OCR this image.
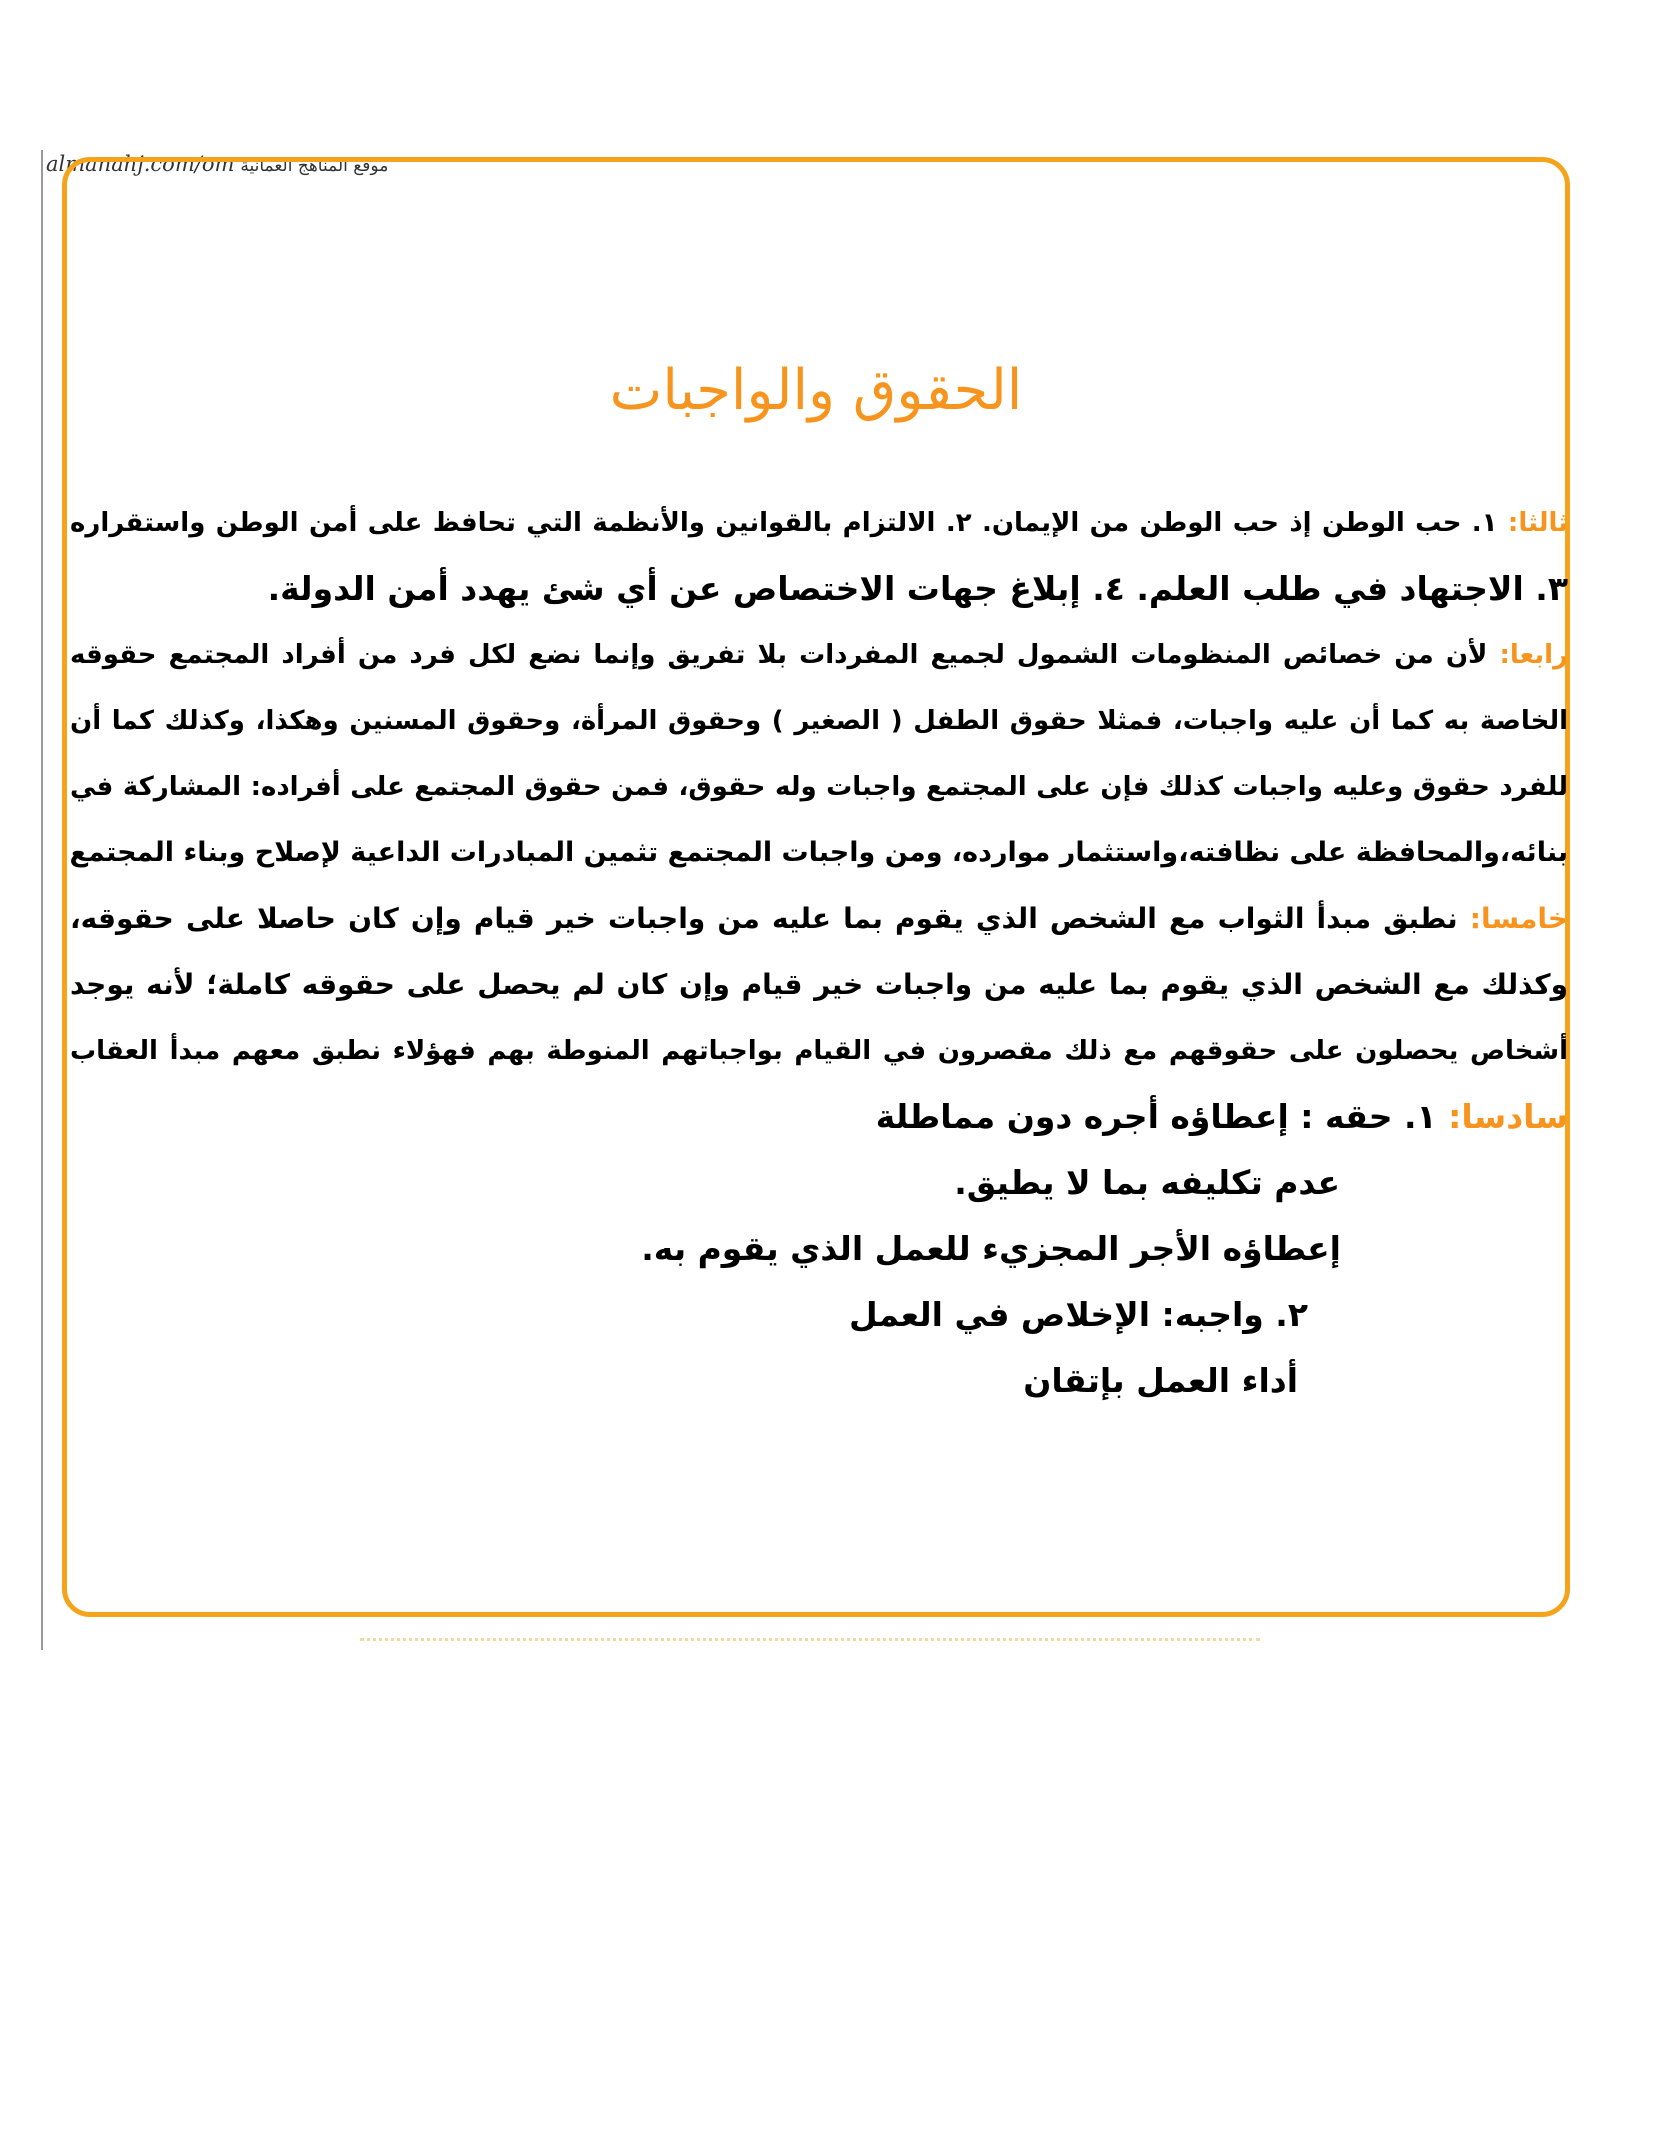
almanahj.com/om موقع المناهج العمانية
الحقوق والواجبات
ثالثا: ١. حب الوطن إذ حب الوطن من الإيمان. ٢. الالتزام بالقوانين والأنظمة التي تحافظ على أمن الوطن واستقراره
٣. الاجتهاد في طلب العلم. ٤. إبلاغ جهات الاختصاص عن أي شئ يهدد أمن الدولة.
رابعا: لأن من خصائص المنظومات الشمول لجميع المفردات بلا تفريق وإنما نضع لكل فرد من أفراد المجتمع حقوقه
الخاصة به كما أن عليه واجبات، فمثلا حقوق الطفل ( الصغير ) وحقوق المرأة، وحقوق المسنين وهكذا، وكذلك كما أن
للفرد حقوق وعليه واجبات كذلك فإن على المجتمع واجبات وله حقوق، فمن حقوق المجتمع على أفراده: المشاركة في
بنائه،والمحافظة على نظافته،واستثمار موارده، ومن واجبات المجتمع تثمين المبادرات الداعية لإصلاح وبناء المجتمع
خامسا: نطبق مبدأ الثواب مع الشخص الذي يقوم بما عليه من واجبات خير قيام وإن كان حاصلا على حقوقه،
وكذلك مع الشخص الذي يقوم بما عليه من واجبات خير قيام وإن كان لم يحصل على حقوقه كاملة؛ لأنه يوجد
أشخاص يحصلون على حقوقهم مع ذلك مقصرون في القيام بواجباتهم المنوطة بهم فهؤلاء نطبق معهم مبدأ العقاب
سادسا: ١. حقه : إعطاؤه أجره دون مماطلة
عدم تكليفه بما لا يطيق.
إعطاؤه الأجر المجزيء للعمل الذي يقوم به.
٢. واجبه: الإخلاص في العمل
أداء العمل بإتقان
